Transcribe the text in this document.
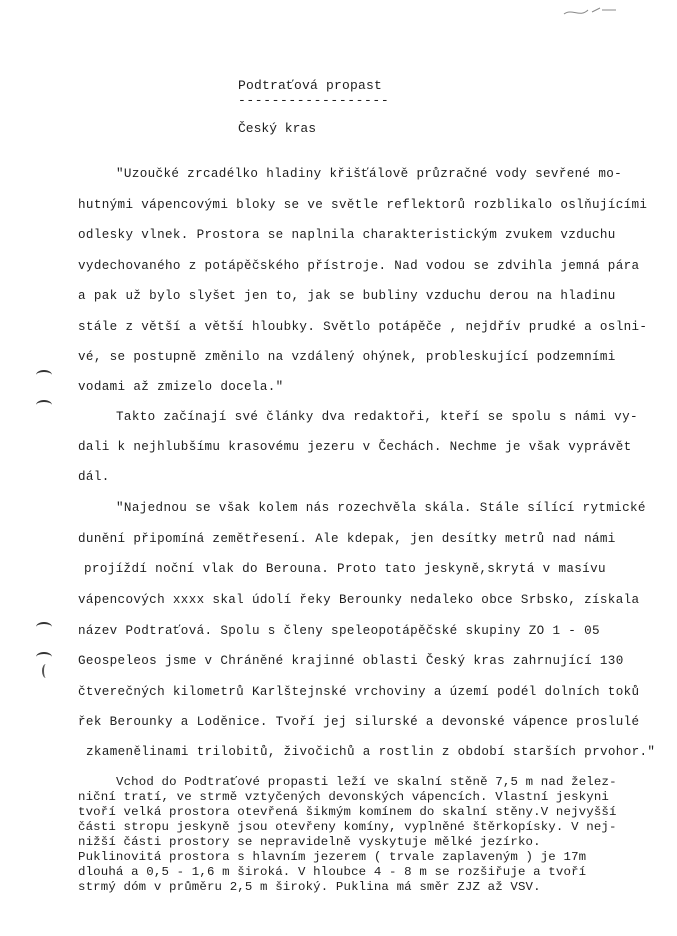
Podtraťová propast
------------------
Český kras
"Uzoučké zrcadélko hladiny křišťálově průzračné vody sevřené mo-
hutnými vápencovými bloky se ve světle reflektorů rozblikalo oslňujícími
odlesky vlnek. Prostora se naplnila charakteristickým zvukem vzduchu
vydechovaného z potápěčského přístroje. Nad vodou se zdvihla jemná pára
a pak už bylo slyšet jen to, jak se bubliny vzduchu derou na hladinu
stále z větší a větší hloubky. Světlo potápěče , nejdřív prudké a oslni-
vé, se postupně změnilo na vzdálený ohýnek, probleskující podzemními
vodami až zmizelo docela."
Takto začínají své články dva redaktoři, kteří se spolu s námi vy-
dali k nejhlubšímu krasovému jezeru v Čechách. Nechme je však vyprávět
dál.
"Najednou se však kolem nás rozechvěla skála. Stále sílící rytmické
dunění připomíná zemětřesení. Ale kdepak, jen desítky metrů nad námi
projíždí noční vlak do Berouna. Proto tato jeskyně,skrytá v masívu
vápencových xxxx skal údolí řeky Berounky nedaleko obce Srbsko, získala
název Podtraťová. Spolu s členy speleopotápěčské skupiny ZO 1 - 05
Geospeleos jsme v Chráněné krajinné oblasti Český kras zahrnující 130
čtverečných kilometrů Karlštejnské vrchoviny a území podél dolních toků
řek Berounky a Loděnice. Tvoří jej silurské a devonské vápence proslulé
zkamenělinami trilobitů, živočichů a rostlin z období starších prvohor."
Vchod do Podtraťové propasti leží ve skalní stěně 7,5 m nad želez-
niční tratí, ve strmě vztyčených devonských vápencích. Vlastní jeskyni
tvoří velká prostora otevřená šikmým komínem do skalní stěny.V nejvyšší
části stropu jeskyně jsou otevřeny komíny, vyplněné štěrkopísky. V nej-
nižší části prostory se nepravidelně vyskytuje mělké jezírko.
Puklinovitá prostora s hlavním jezerem ( trvale zaplaveným ) je 17m
dlouhá a 0,5 - 1,6 m široká. V hloubce 4 - 8 m se rozšiřuje a tvoří
strmý dóm v průměru 2,5 m široký. Puklina má směr ZJZ až VSV.
